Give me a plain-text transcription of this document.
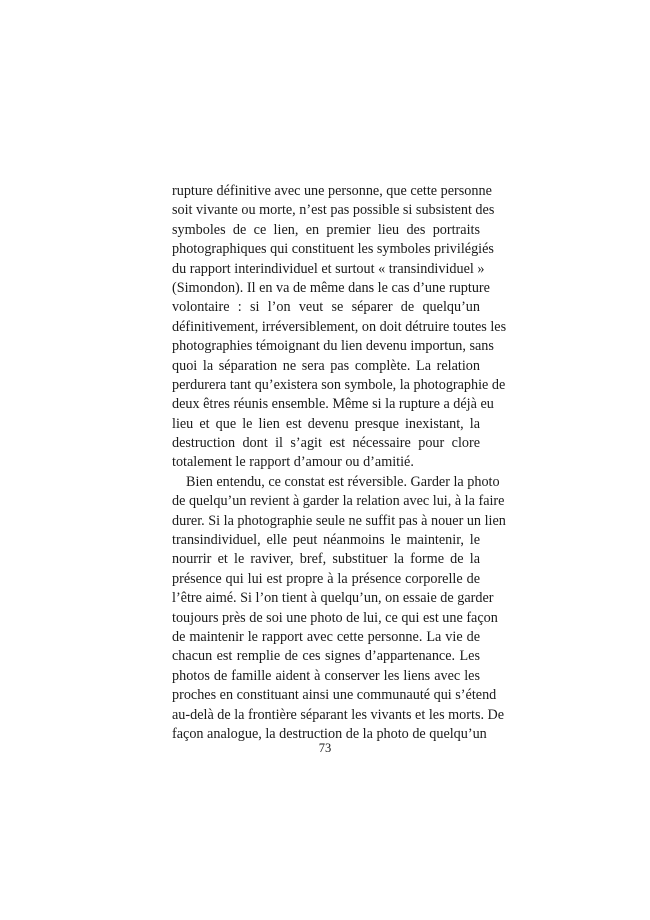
rupture définitive avec une personne, que cette personne
soit vivante ou morte, n’est pas possible si subsistent des
symboles de ce lien, en premier lieu des portraits
photographiques qui constituent les symboles privilégiés
du rapport interindividuel et surtout « transindividuel »
(Simondon). Il en va de même dans le cas d’une rupture
volontaire : si l’on veut se séparer de quelqu’un
définitivement, irréversiblement, on doit détruire toutes les
photographies témoignant du lien devenu importun, sans
quoi la séparation ne sera pas complète. La relation
perdurera tant qu’existera son symbole, la photographie de
deux êtres réunis ensemble. Même si la rupture a déjà eu
lieu et que le lien est devenu presque inexistant, la
destruction dont il s’agit est nécessaire pour clore
totalement le rapport d’amour ou d’amitié.
Bien entendu, ce constat est réversible. Garder la photo
de quelqu’un revient à garder la relation avec lui, à la faire
durer. Si la photographie seule ne suffit pas à nouer un lien
transindividuel, elle peut néanmoins le maintenir, le
nourrir et le raviver, bref, substituer la forme de la
présence qui lui est propre à la présence corporelle de
l’être aimé. Si l’on tient à quelqu’un, on essaie de garder
toujours près de soi une photo de lui, ce qui est une façon
de maintenir le rapport avec cette personne. La vie de
chacun est remplie de ces signes d’appartenance. Les
photos de famille aident à conserver les liens avec les
proches en constituant ainsi une communauté qui s’étend
au-delà de la frontière séparant les vivants et les morts. De
façon analogue, la destruction de la photo de quelqu’un
73
